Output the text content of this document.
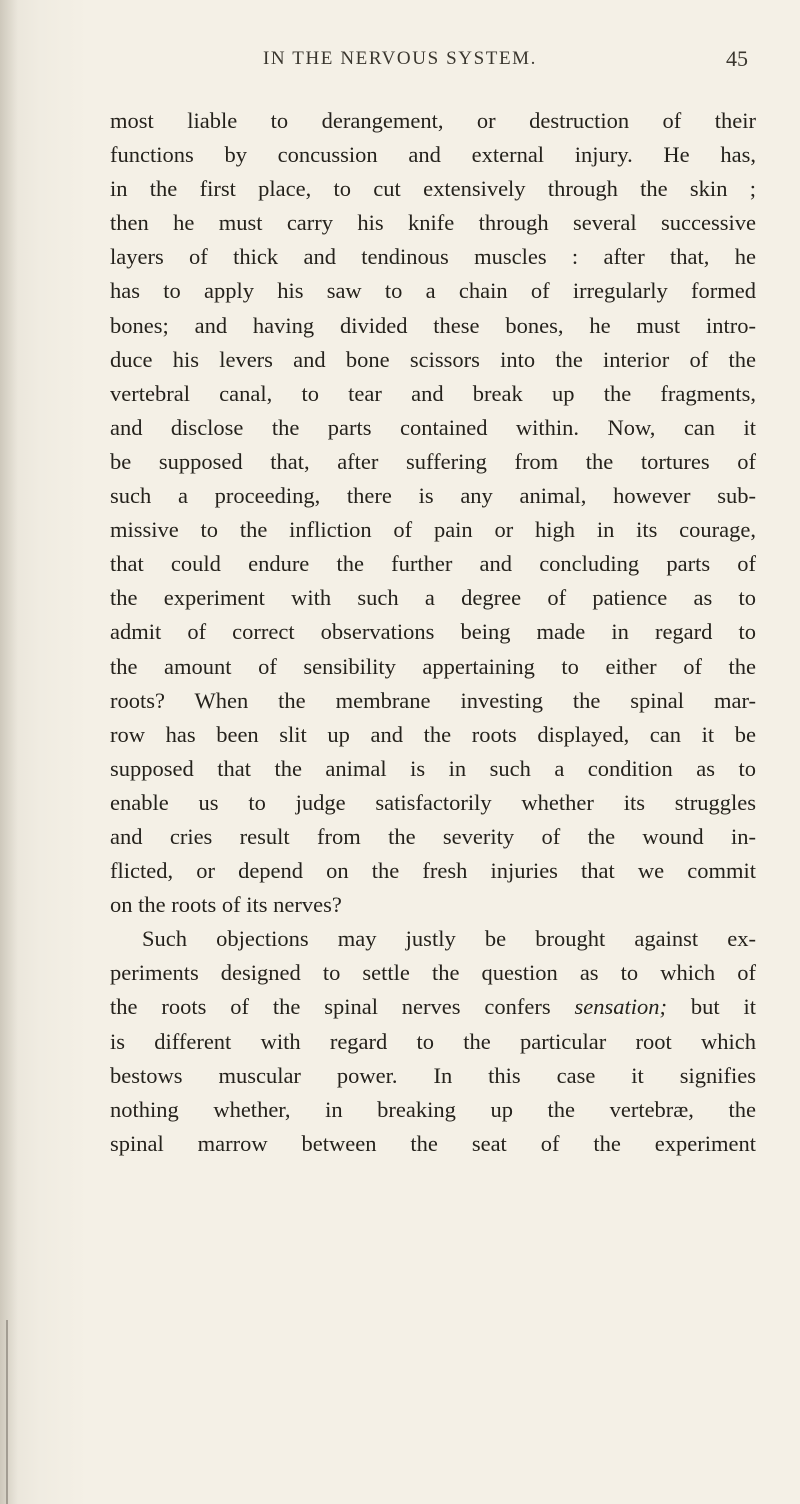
IN THE NERVOUS SYSTEM.	45
most liable to derangement, or destruction of their
functions by concussion and external injury. He has,
in the first place, to cut extensively through the skin ;
then he must carry his knife through several successive
layers of thick and tendinous muscles : after that, he
has to apply his saw to a chain of irregularly formed
bones; and having divided these bones, he must intro-
duce his levers and bone scissors into the interior of the
vertebral canal, to tear and break up the fragments,
and disclose the parts contained within. Now, can it
be supposed that, after suffering from the tortures of
such a proceeding, there is any animal, however sub-
missive to the infliction of pain or high in its courage,
that could endure the further and concluding parts of
the experiment with such a degree of patience as to
admit of correct observations being made in regard to
the amount of sensibility appertaining to either of the
roots? When the membrane investing the spinal mar-
row has been slit up and the roots displayed, can it be
supposed that the animal is in such a condition as to
enable us to judge satisfactorily whether its struggles
and cries result from the severity of the wound in-
flicted, or depend on the fresh injuries that we commit
on the roots of its nerves?
Such objections may justly be brought against ex-
periments designed to settle the question as to which of
the roots of the spinal nerves confers sensation; but it
is different with regard to the particular root which
bestows muscular power. In this case it signifies
nothing whether, in breaking up the vertebræ, the
spinal marrow between the seat of the experiment
